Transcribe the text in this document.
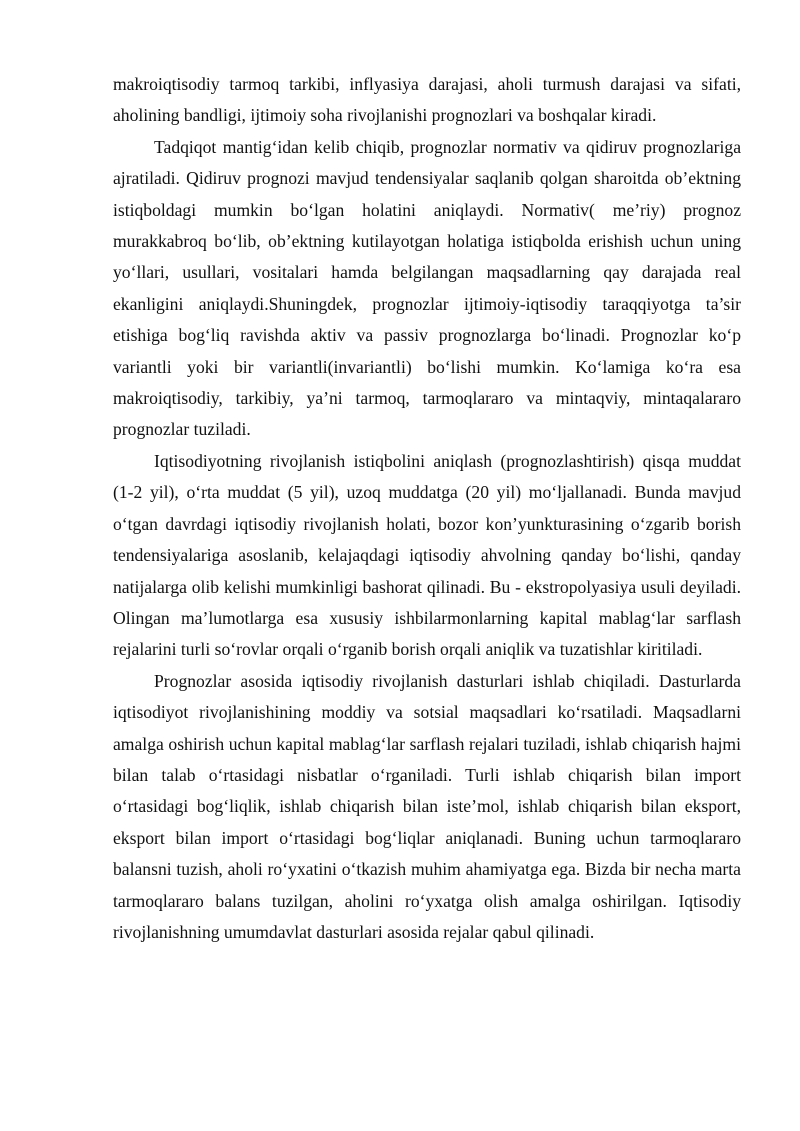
makroiqtisodiy tarmoq tarkibi, inflyasiya darajasi, aholi turmush darajasi va sifati, aholining bandligi, ijtimoiy soha rivojlanishi prognozlari va boshqalar kiradi.

Tadqiqot mantig‘idan kelib chiqib, prognozlar normativ va qidiruv prognozlariga ajratiladi. Qidiruv prognozi mavjud tendensiyalar saqlanib qolgan sharoitda ob’ektning istiqboldagi mumkin bo‘lgan holatini aniqlaydi. Normativ( me’riy) prognoz murakkabroq bo‘lib, ob’ektning kutilayotgan holatiga istiqbolda erishish uchun uning yo‘llari, usullari, vositalari hamda belgilangan maqsadlarning qay darajada real ekanligini aniqlaydi.Shuningdek, prognozlar ijtimoiy-iqtisodiy taraqqiyotga ta’sir etishiga bog‘liq ravishda aktiv va passiv prognozlarga bo‘linadi. Prognozlar ko‘p variantli yoki bir variantli(invariantli) bo‘lishi mumkin. Ko‘lamiga ko‘ra esa makroiqtisodiy, tarkibiy, ya’ni tarmoq, tarmoqlararo va mintaqviy, mintaqalararo prognozlar tuziladi.

Iqtisodiyotning rivojlanish istiqbolini aniqlash (prognozlashtirish) qisqa muddat (1-2 yil), o‘rta muddat (5 yil), uzoq muddatga (20 yil) mo‘ljallanadi. Bunda mavjud o‘tgan davrdagi iqtisodiy rivojlanish holati, bozor kon’yunkturasining o‘zgarib borish tendensiyalariga asoslanib, kelajaqdagi iqtisodiy ahvolning qanday bo‘lishi, qanday natijalarga olib kelishi mumkinligi bashorat qilinadi. Bu - ekstropolyasiya usuli deyiladi. Olingan ma’lumotlarga esa xususiy ishbilarmonlarning kapital mablag‘lar sarflash rejalarini turli so‘rovlar orqali o‘rganib borish orqali aniqlik va tuzatishlar kiritiladi.

Prognozlar asosida iqtisodiy rivojlanish dasturlari ishlab chiqiladi. Dasturlarda iqtisodiyot rivojlanishining moddiy va sotsial maqsadlari ko‘rsatiladi. Maqsadlarni amalga oshirish uchun kapital mablag‘lar sarflash rejalari tuziladi, ishlab chiqarish hajmi bilan talab o‘rtasidagi nisbatlar o‘rganiladi. Turli ishlab chiqarish bilan import o‘rtasidagi bog‘liqlik, ishlab chiqarish bilan iste’mol, ishlab chiqarish bilan eksport, eksport bilan import o‘rtasidagi bog‘liqlar aniqlanadi. Buning uchun tarmoqlararo balansni tuzish, aholi ro‘yxatini o‘tkazish muhim ahamiyatga ega. Bizda bir necha marta tarmoqlararo balans tuzilgan, aholini ro‘yxatga olish amalga oshirilgan. Iqtisodiy rivojlanishning umumdavlat dasturlari asosida rejalar qabul qilinadi.
